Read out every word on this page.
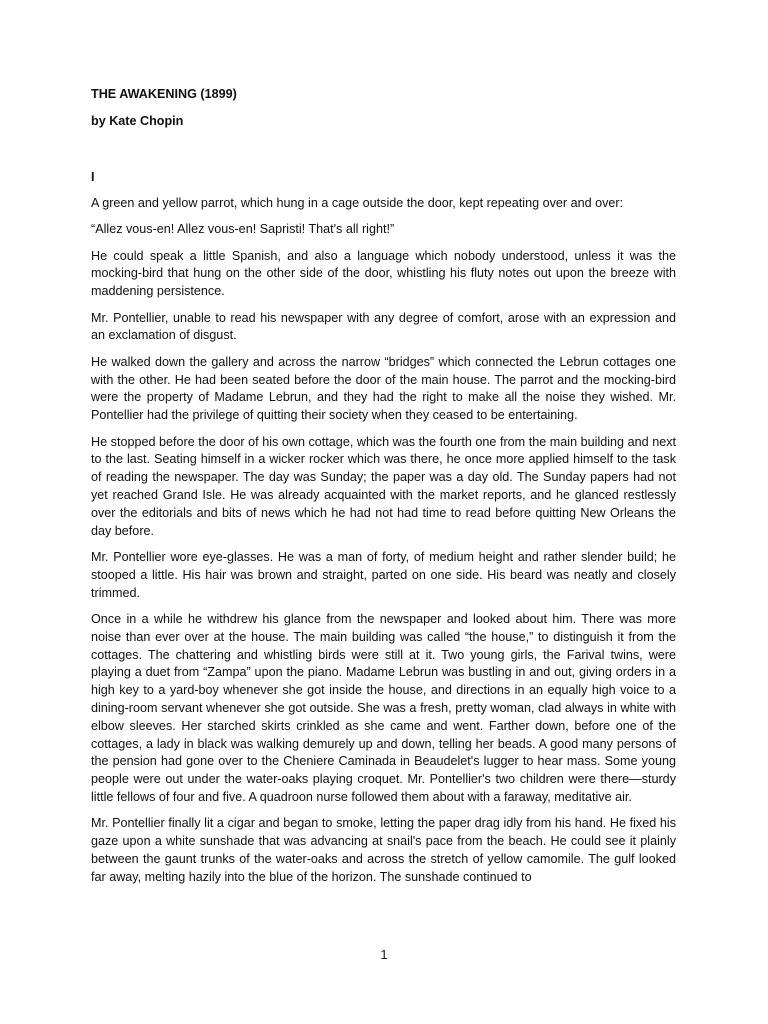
THE AWAKENING (1899)

by Kate Chopin

I

A green and yellow parrot, which hung in a cage outside the door, kept repeating over and over:

“Allez vous-en! Allez vous-en! Sapristi! That's all right!”

He could speak a little Spanish, and also a language which nobody understood, unless it was the mocking-bird that hung on the other side of the door, whistling his fluty notes out upon the breeze with maddening persistence.

Mr. Pontellier, unable to read his newspaper with any degree of comfort, arose with an expression and an exclamation of disgust.

He walked down the gallery and across the narrow “bridges” which connected the Lebrun cottages one with the other. He had been seated before the door of the main house. The parrot and the mocking-bird were the property of Madame Lebrun, and they had the right to make all the noise they wished. Mr. Pontellier had the privilege of quitting their society when they ceased to be entertaining.

He stopped before the door of his own cottage, which was the fourth one from the main building and next to the last. Seating himself in a wicker rocker which was there, he once more applied himself to the task of reading the newspaper. The day was Sunday; the paper was a day old. The Sunday papers had not yet reached Grand Isle. He was already acquainted with the market reports, and he glanced restlessly over the editorials and bits of news which he had not had time to read before quitting New Orleans the day before.

Mr. Pontellier wore eye-glasses. He was a man of forty, of medium height and rather slender build; he stooped a little. His hair was brown and straight, parted on one side. His beard was neatly and closely trimmed.

Once in a while he withdrew his glance from the newspaper and looked about him. There was more noise than ever over at the house. The main building was called “the house,” to distinguish it from the cottages. The chattering and whistling birds were still at it. Two young girls, the Farival twins, were playing a duet from “Zampa” upon the piano. Madame Lebrun was bustling in and out, giving orders in a high key to a yard-boy whenever she got inside the house, and directions in an equally high voice to a dining-room servant whenever she got outside. She was a fresh, pretty woman, clad always in white with elbow sleeves. Her starched skirts crinkled as she came and went. Farther down, before one of the cottages, a lady in black was walking demurely up and down, telling her beads. A good many persons of the pension had gone over to the Cheniere Caminada in Beaudelet's lugger to hear mass. Some young people were out under the water-oaks playing croquet. Mr. Pontellier's two children were there—sturdy little fellows of four and five. A quadroon nurse followed them about with a faraway, meditative air.

Mr. Pontellier finally lit a cigar and began to smoke, letting the paper drag idly from his hand. He fixed his gaze upon a white sunshade that was advancing at snail's pace from the beach. He could see it plainly between the gaunt trunks of the water-oaks and across the stretch of yellow camomile. The gulf looked far away, melting hazily into the blue of the horizon. The sunshade continued to

1
